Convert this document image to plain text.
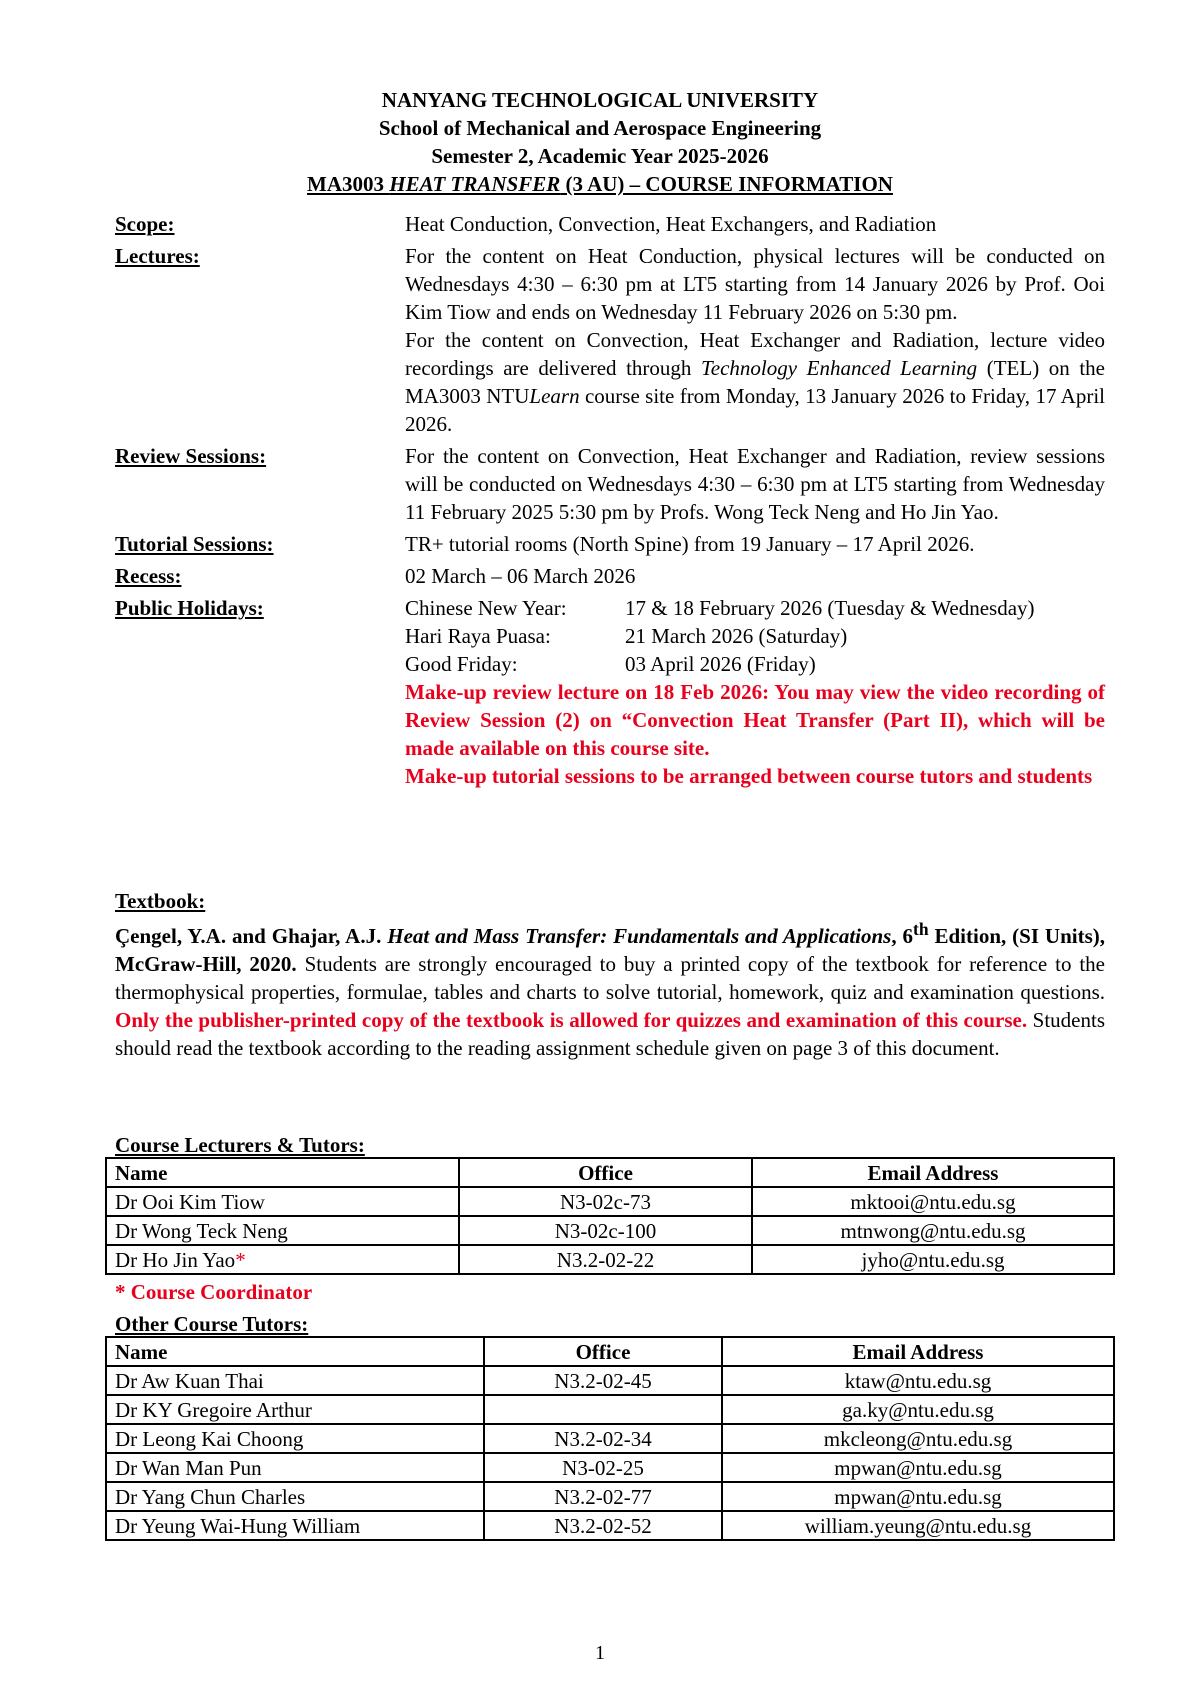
NANYANG TECHNOLOGICAL UNIVERSITY
School of Mechanical and Aerospace Engineering
Semester 2, Academic Year 2025-2026
MA3003 HEAT TRANSFER (3 AU) – COURSE INFORMATION
Scope:	Heat Conduction, Convection, Heat Exchangers, and Radiation
Lectures:	For the content on Heat Conduction, physical lectures will be conducted on Wednesdays 4:30 – 6:30 pm at LT5 starting from 14 January 2026 by Prof. Ooi Kim Tiow and ends on Wednesday 11 February 2026 on 5:30 pm.

For the content on Convection, Heat Exchanger and Radiation, lecture video recordings are delivered through Technology Enhanced Learning (TEL) on the MA3003 NTULearn course site from Monday, 13 January 2026 to Friday, 17 April 2026.

Review Sessions:	For the content on Convection, Heat Exchanger and Radiation, review sessions will be conducted on Wednesdays 4:30 – 6:30 pm at LT5 starting from Wednesday 11 February 2025 5:30 pm by Profs. Wong Teck Neng and Ho Jin Yao.
Tutorial Sessions:	TR+ tutorial rooms (North Spine) from 19 January – 17 April 2026.
Recess:	02 March – 06 March 2026
Public Holidays:	Chinese New Year:	17 & 18 February 2026 (Tuesday & Wednesday)
Hari Raya Puasa:	21 March 2026 (Saturday)
Good Friday:	03 April 2026 (Friday)

Make-up review lecture on 18 Feb 2026: You may view the video recording of Review Session (2) on “Convection Heat Transfer (Part II), which will be made available on this course site.

Make-up tutorial sessions to be arranged between course tutors and students

Textbook:
Çengel, Y.A. and Ghajar, A.J. Heat and Mass Transfer: Fundamentals and Applications, 6th Edition, (SI Units), McGraw-Hill, 2020. Students are strongly encouraged to buy a printed copy of the textbook for reference to the thermophysical properties, formulae, tables and charts to solve tutorial, homework, quiz and examination questions. Only the publisher-printed copy of the textbook is allowed for quizzes and examination of this course. Students should read the textbook according to the reading assignment schedule given on page 3 of this document.
Course Lecturers & Tutors:
Name	Office	Email Address
Dr Ooi Kim Tiow	N3-02c-73	mktooi@ntu.edu.sg
Dr Wong Teck Neng	N3-02c-100	mtnwong@ntu.edu.sg
Dr Ho Jin Yao*	N3.2-02-22	jyho@ntu.edu.sg
* Course Coordinator
Other Course Tutors:
Name	Office	Email Address
Dr Aw Kuan Thai	N3.2-02-45	ktaw@ntu.edu.sg
Dr KY Gregoire Arthur		ga.ky@ntu.edu.sg
Dr Leong Kai Choong	N3.2-02-34	mkcleong@ntu.edu.sg
Dr Wan Man Pun	N3-02-25	mpwan@ntu.edu.sg
Dr Yang Chun Charles	N3.2-02-77	mpwan@ntu.edu.sg
Dr Yeung Wai-Hung William	N3.2-02-52	william.yeung@ntu.edu.sg
1
